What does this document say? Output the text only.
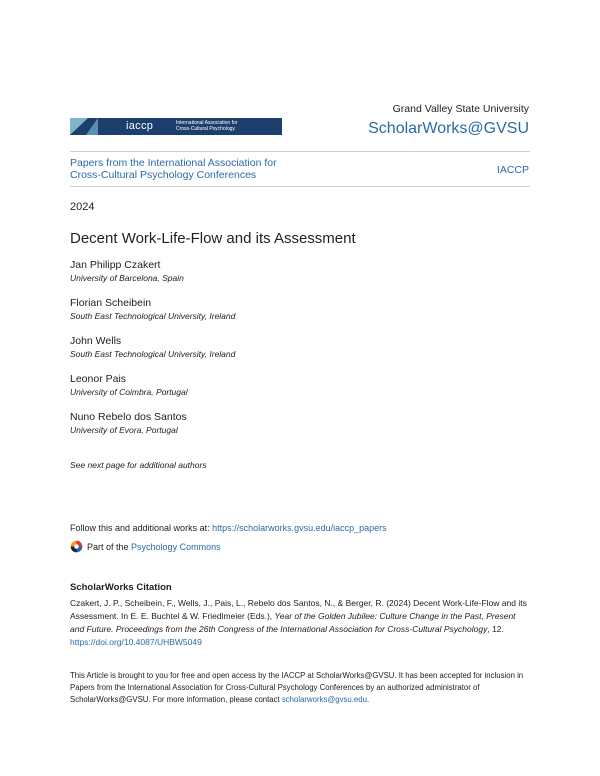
iaccp	International Association for
Cross-Cultural Psychology
Grand Valley State University
ScholarWorks@GVSU
Papers from the International Association for
Cross-Cultural Psychology Conferences	IACCP
2024
Decent Work-Life-Flow and its Assessment
Jan Philipp Czakert
University of Barcelona, Spain
Florian Scheibein
South East Technological University, Ireland
John Wells
South East Technological University, Ireland
Leonor Pais
University of Coimbra, Portugal
Nuno Rebelo dos Santos
University of Evora, Portugal
See next page for additional authors
Follow this and additional works at: https://scholarworks.gvsu.edu/iaccp_papers
Part of the
Psychology Commons
ScholarWorks Citation
Czakert, J. P., Scheibein, F., Wells, J., Pais, L., Rebelo dos Santos, N., & Berger, R. (2024) Decent Work-Life-Flow and its Assessment. In E. E. Buchtel & W. Friedlmeier (Eds.), Year of the Golden Jubilee: Culture Change in the Past, Present and Future. Proceedings from the 26th Congress of the International Association for Cross-Cultural Psychology, 12. https://doi.org/10.4087/UHBW5049
This Article is brought to you for free and open access by the IACCP at ScholarWorks@GVSU. It has been accepted for inclusion in Papers from the International Association for Cross-Cultural Psychology Conferences by an authorized administrator of ScholarWorks@GVSU. For more information, please contact scholarworks@gvsu.edu.
